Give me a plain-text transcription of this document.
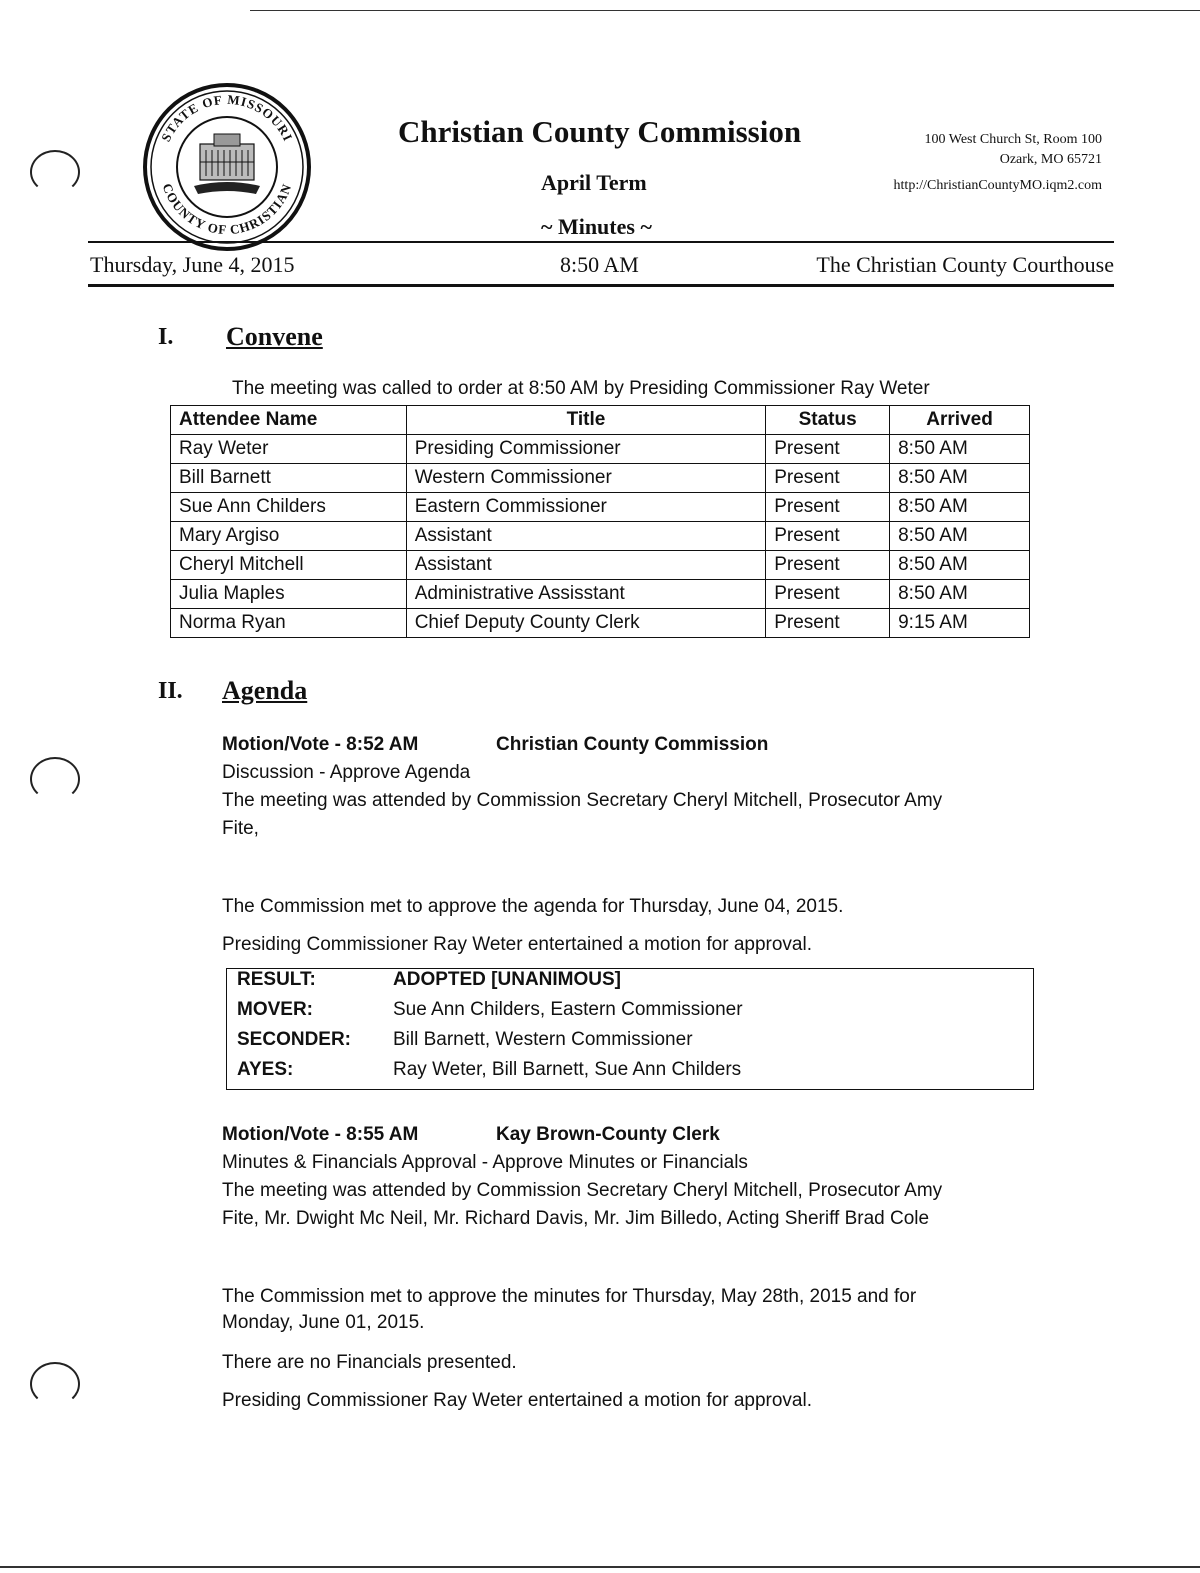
STATE OF MISSOURI
COUNTY OF CHRISTIAN
Christian County Commission
April Term
~ Minutes ~
100 West Church St, Room 100
Ozark, MO 65721
http://ChristianCountyMO.iqm2.com
Thursday, June 4, 2015	8:50 AM	The Christian County Courthouse
I. Convene
The meeting was called to order at 8:50 AM by Presiding Commissioner Ray Weter
Attendee Name	Title	Status	Arrived
Ray Weter	Presiding Commissioner	Present	8:50 AM
Bill Barnett	Western Commissioner	Present	8:50 AM
Sue Ann Childers	Eastern Commissioner	Present	8:50 AM
Mary Argiso	Assistant	Present	8:50 AM
Cheryl Mitchell	Assistant	Present	8:50 AM
Julia Maples	Administrative Assisstant	Present	8:50 AM
Norma Ryan	Chief Deputy County Clerk	Present	9:15 AM
II. Agenda
Motion/Vote - 8:52 AM	Christian County Commission
Discussion - Approve Agenda
The meeting was attended by Commission Secretary Cheryl Mitchell, Prosecutor Amy
Fite,
The Commission met to approve the agenda for Thursday, June 04, 2015.
Presiding Commissioner Ray Weter entertained a motion for approval.
RESULT:	ADOPTED [UNANIMOUS]
MOVER:	Sue Ann Childers, Eastern Commissioner
SECONDER:	Bill Barnett, Western Commissioner
AYES:	Ray Weter, Bill Barnett, Sue Ann Childers
Motion/Vote - 8:55 AM	Kay Brown-County Clerk
Minutes & Financials Approval - Approve Minutes or Financials
The meeting was attended by Commission Secretary Cheryl Mitchell, Prosecutor Amy
Fite, Mr. Dwight Mc Neil, Mr. Richard Davis, Mr. Jim Billedo, Acting Sheriff Brad Cole
The Commission met to approve the minutes for Thursday, May 28th, 2015 and for
Monday, June 01, 2015.
There are no Financials presented.
Presiding Commissioner Ray Weter entertained a motion for approval.
